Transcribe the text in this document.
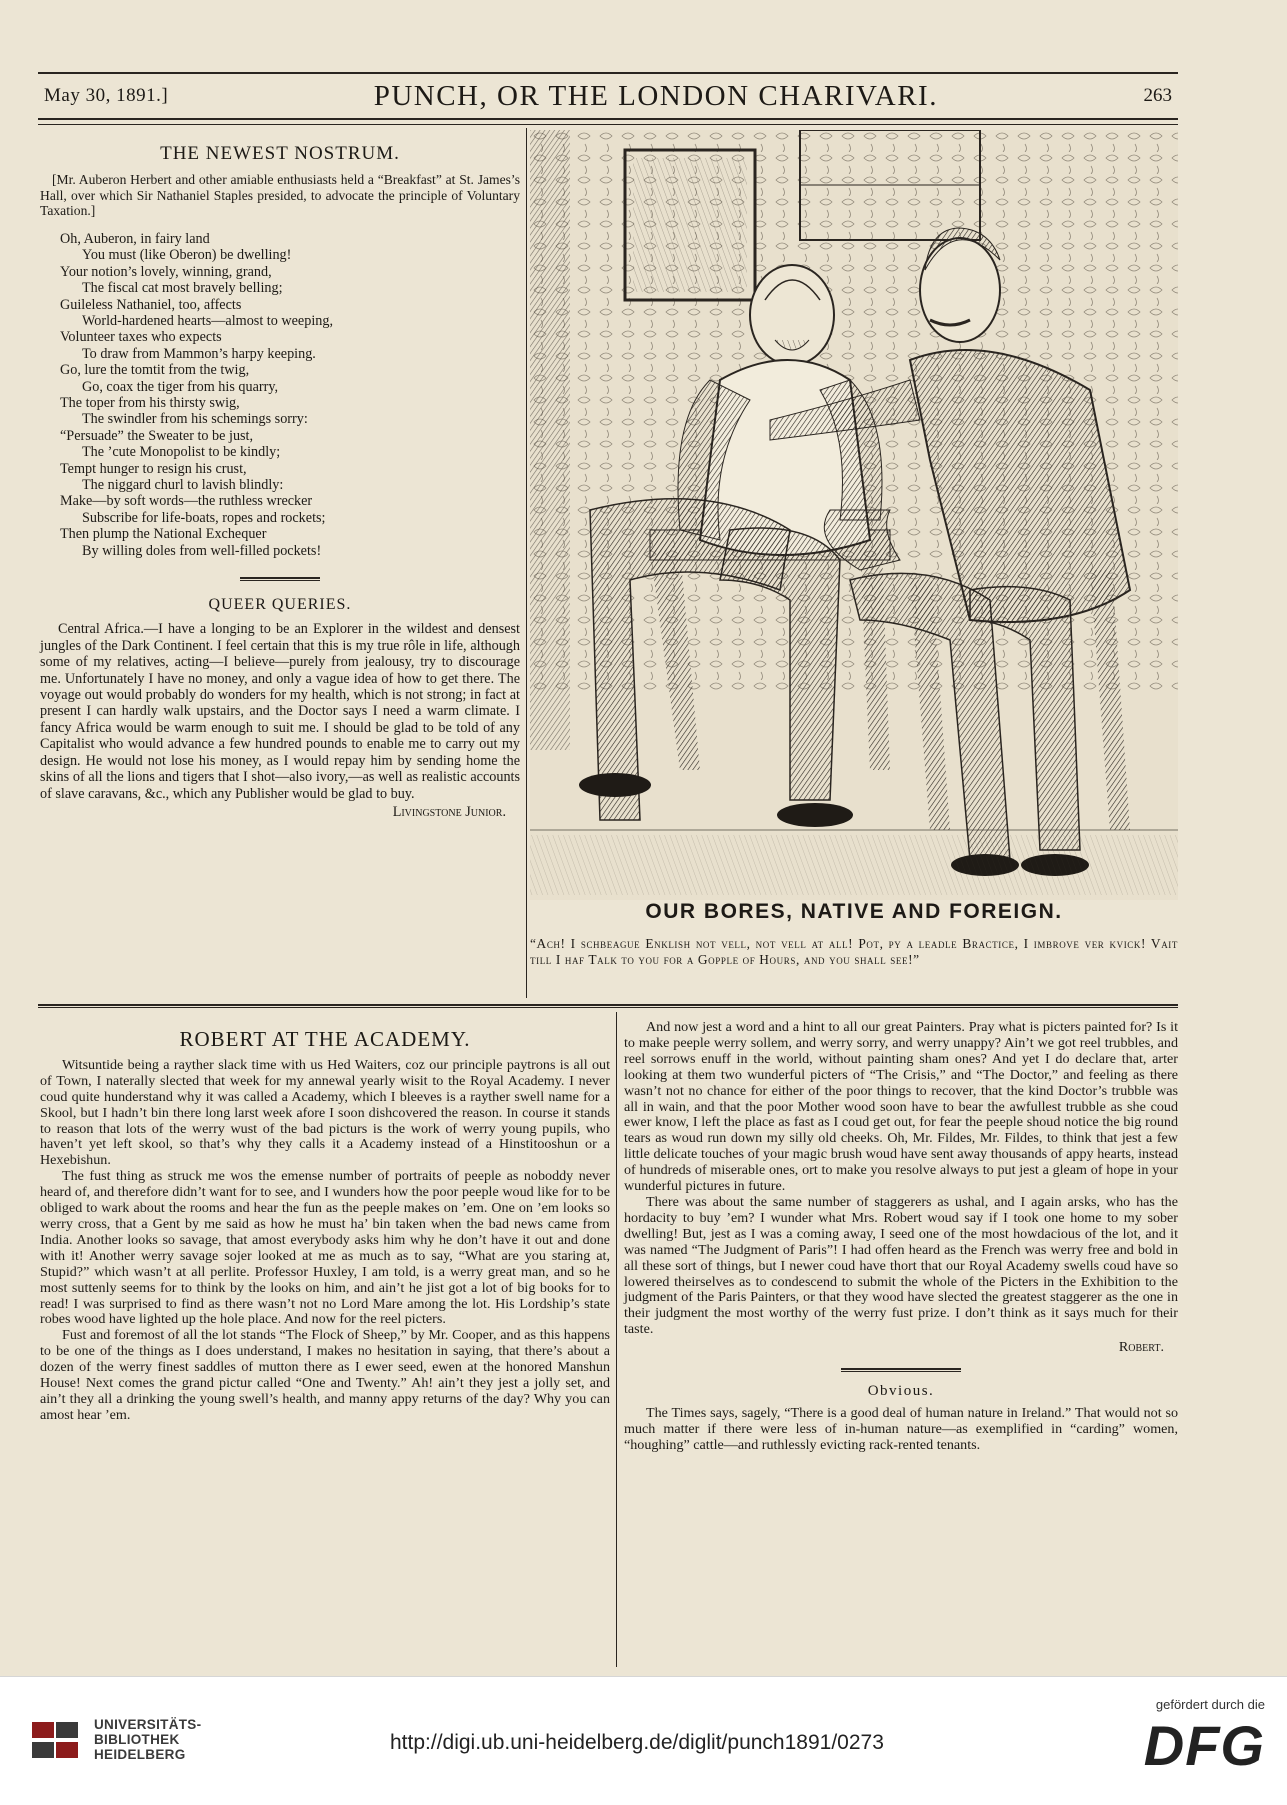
May 30, 1891.]	PUNCH, OR THE LONDON CHARIVARI.	263
THE NEWEST NOSTRUM.

[Mr. Auberon Herbert and other amiable enthusiasts held a “Breakfast” at St. James’s Hall, over which Sir Nathaniel Staples presided, to advocate the principle of Voluntary Taxation.]

Oh, Auberon, in fairy land
You must (like Oberon) be dwelling!
Your notion’s lovely, winning, grand,
The fiscal cat most bravely belling;
Guileless Nathaniel, too, affects
World-hardened hearts—almost to weeping,
Volunteer taxes who expects
To draw from Mammon’s harpy keeping.
Go, lure the tomtit from the twig,
Go, coax the tiger from his quarry,
The toper from his thirsty swig,
The swindler from his schemings sorry:
“Persuade” the Sweater to be just,
The ’cute Monopolist to be kindly;
Tempt hunger to resign his crust,
The niggard churl to lavish blindly:
Make—by soft words—the ruthless wrecker
Subscribe for life-boats, ropes and rockets;
Then plump the National Exchequer
By willing doles from well-filled pockets!
QUEER QUERIES.

Central Africa.—I have a longing to be an Explorer in the wildest and densest jungles of the Dark Continent. I feel certain that this is my true rôle in life, although some of my relatives, acting—I believe—purely from jealousy, try to discourage me. Unfortunately I have no money, and only a vague idea of how to get there. The voyage out would probably do wonders for my health, which is not strong; in fact at present I can hardly walk upstairs, and the Doctor says I need a warm climate. I fancy Africa would be warm enough to suit me. I should be glad to be told of any Capitalist who would advance a few hundred pounds to enable me to carry out my design. He would not lose his money, as I would repay him by sending home the skins of all the lions and tigers that I shot—also ivory,—as well as realistic accounts of slave caravans, &c., which any Publisher would be glad to buy.

Livingstone Junior.
OUR BORES, NATIVE AND FOREIGN.
“Ach! I schbeague Enklish not vell, not vell at all! Pot, py a leadle Bractice, I imbrove ver kvick! Vait till I haf Talk to you for a Gopple of Hours, and you shall see!”
ROBERT AT THE ACADEMY.

Witsuntide being a rayther slack time with us Hed Waiters, coz our principle paytrons is all out of Town, I naterally slected that week for my annewal yearly wisit to the Royal Academy. I never coud quite hunderstand why it was called a Academy, which I bleeves is a rayther swell name for a Skool, but I hadn’t bin there long larst week afore I soon dishcovered the reason. In course it stands to reason that lots of the werry wust of the bad picturs is the work of werry young pupils, who haven’t yet left skool, so that’s why they calls it a Academy instead of a Hinstitooshun or a Hexebishun.

The fust thing as struck me wos the emense number of portraits of peeple as noboddy never heard of, and therefore didn’t want for to see, and I wunders how the poor peeple woud like for to be obliged to wark about the rooms and hear the fun as the peeple makes on ’em. One on ’em looks so werry cross, that a Gent by me said as how he must ha’ bin taken when the bad news came from India. Another looks so savage, that amost everybody asks him why he don’t have it out and done with it! Another werry savage sojer looked at me as much as to say, “What are you staring at, Stupid?” which wasn’t at all perlite. Professor Huxley, I am told, is a werry great man, and so he most suttenly seems for to think by the looks on him, and ain’t he jist got a lot of big books for to read! I was surprised to find as there wasn’t not no Lord Mare among the lot. His Lordship’s state robes wood have lighted up the hole place. And now for the reel picters.

Fust and foremost of all the lot stands “The Flock of Sheep,” by Mr. Cooper, and as this happens to be one of the things as I does understand, I makes no hesitation in saying, that there’s about a dozen of the werry finest saddles of mutton there as I ewer seed, ewen at the honored Manshun House! Next comes the grand pictur called “One and Twenty.” Ah! ain’t they jest a jolly set, and ain’t they all a drinking the young swell’s health, and manny appy returns of the day? Why you can amost hear ’em.

And now jest a word and a hint to all our great Painters. Pray what is picters painted for? Is it to make peeple werry sollem, and werry sorry, and werry unappy? Ain’t we got reel trubbles, and reel sorrows enuff in the world, without painting sham ones? And yet I do declare that, arter looking at them two wunderful picters of “The Crisis,” and “The Doctor,” and feeling as there wasn’t not no chance for either of the poor things to recover, that the kind Doctor’s trubble was all in wain, and that the poor Mother wood soon have to bear the awfullest trubble as she coud ewer know, I left the place as fast as I coud get out, for fear the peeple shoud notice the big round tears as woud run down my silly old cheeks. Oh, Mr. Fildes, Mr. Fildes, to think that jest a few little delicate touches of your magic brush woud have sent away thousands of appy hearts, instead of hundreds of miserable ones, ort to make you resolve always to put jest a gleam of hope in your wunderful pictures in future.

There was about the same number of staggerers as ushal, and I again arsks, who has the hordacity to buy ’em? I wunder what Mrs. Robert woud say if I took one home to my sober dwelling! But, jest as I was a coming away, I seed one of the most howdacious of the lot, and it was named “The Judgment of Paris”! I had offen heard as the French was werry free and bold in all these sort of things, but I newer coud have thort that our Royal Academy swells coud have so lowered theirselves as to condescend to submit the whole of the Picters in the Exhibition to the judgment of the Paris Painters, or that they wood have slected the greatest staggerer as the one in their judgment the most worthy of the werry fust prize. I don’t think as it says much for their taste.

Robert.
Obvious.

The Times says, sagely, “There is a good deal of human nature in Ireland.” That would not so much matter if there were less of in-human nature—as exemplified in “carding” women, “houghing” cattle—and ruthlessly evicting rack-rented tenants.

UNIVERSITÄTS-
BIBLIOTHEK
HEIDELBERG
http://digi.ub.uni-heidelberg.de/diglit/punch1891/0273
gefördert durch die
DFG
